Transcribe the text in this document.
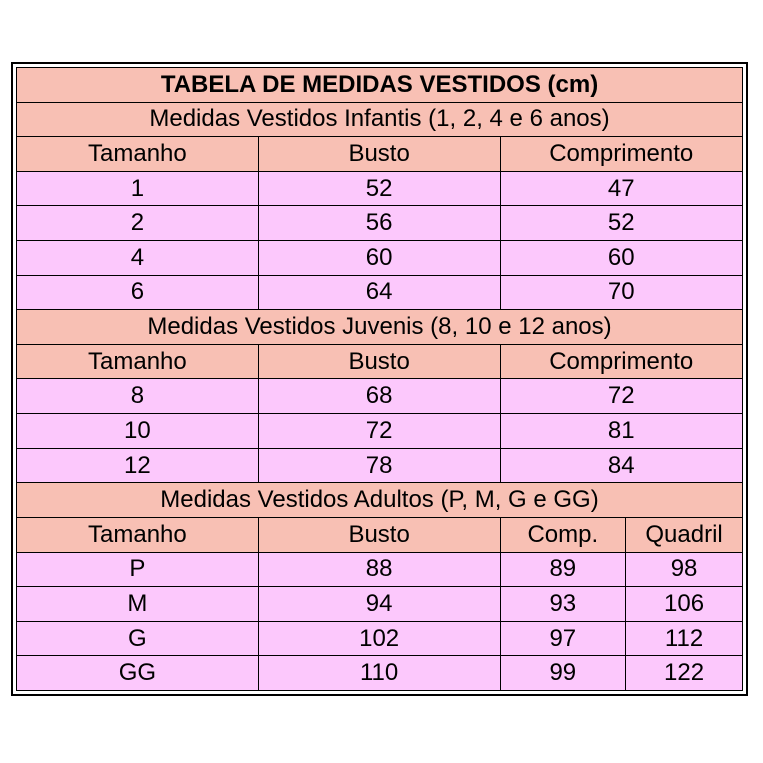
TABELA DE MEDIDAS VESTIDOS (cm)			
Medidas Vestidos Infantis (1, 2, 4 e 6 anos)			
Tamanho	Busto	Comprimento	
1	52	47	
2	56	52	
4	60	60	
6	64	70	
Medidas Vestidos Juvenis (8, 10 e 12 anos)			
Tamanho	Busto	Comprimento	
8	68	72	
10	72	81	
12	78	84	
Medidas Vestidos Adultos (P, M, G e GG)			
Tamanho	Busto	Comp.	Quadril
P	88	89	98
M	94	93	106
G	102	97	112
GG	110	99	122
